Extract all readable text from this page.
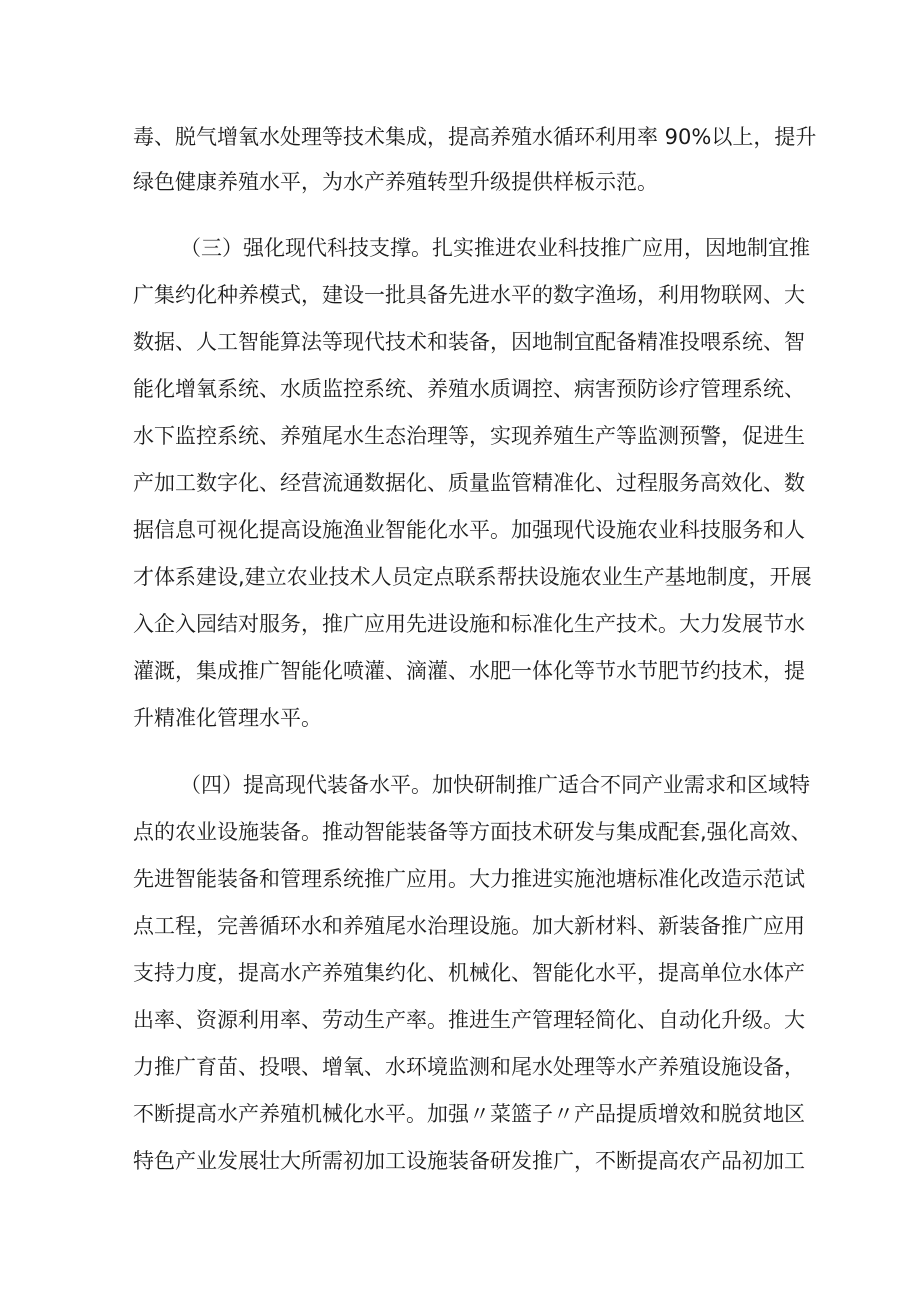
毒、脱气增氧水处理等技术集成，提高养殖水循环利用率 90%以上，提升
绿色健康养殖水平，为水产养殖转型升级提供样板示范。
（三）强化现代科技支撑。扎实推进农业科技推广应用，因地制宜推
广集约化种养模式，建设一批具备先进水平的数字渔场，利用物联网、大
数据、人工智能算法等现代技术和装备，因地制宜配备精准投喂系统、智
能化增氧系统、水质监控系统、养殖水质调控、病害预防诊疗管理系统、
水下监控系统、养殖尾水生态治理等，实现养殖生产等监测预警，促进生
产加工数字化、经营流通数据化、质量监管精准化、过程服务高效化、数
据信息可视化提高设施渔业智能化水平。加强现代设施农业科技服务和人
才体系建设,建立农业技术人员定点联系帮扶设施农业生产基地制度，开展
入企入园结对服务，推广应用先进设施和标准化生产技术。大力发展节水
灌溉，集成推广智能化喷灌、滴灌、水肥一体化等节水节肥节约技术，提
升精准化管理水平。
（四）提高现代装备水平。加快研制推广适合不同产业需求和区域特
点的农业设施装备。推动智能装备等方面技术研发与集成配套,强化高效、
先进智能装备和管理系统推广应用。大力推进实施池塘标准化改造示范试
点工程，完善循环水和养殖尾水治理设施。加大新材料、新装备推广应用
支持力度，提高水产养殖集约化、机械化、智能化水平，提高单位水体产
出率、资源利用率、劳动生产率。推进生产管理轻简化、自动化升级。大
力推广育苗、投喂、增氧、水环境监测和尾水处理等水产养殖设施设备，
不断提高水产养殖机械化水平。加强〃菜篮子〃产品提质增效和脱贫地区
特色产业发展壮大所需初加工设施装备研发推广，不断提高农产品初加工
